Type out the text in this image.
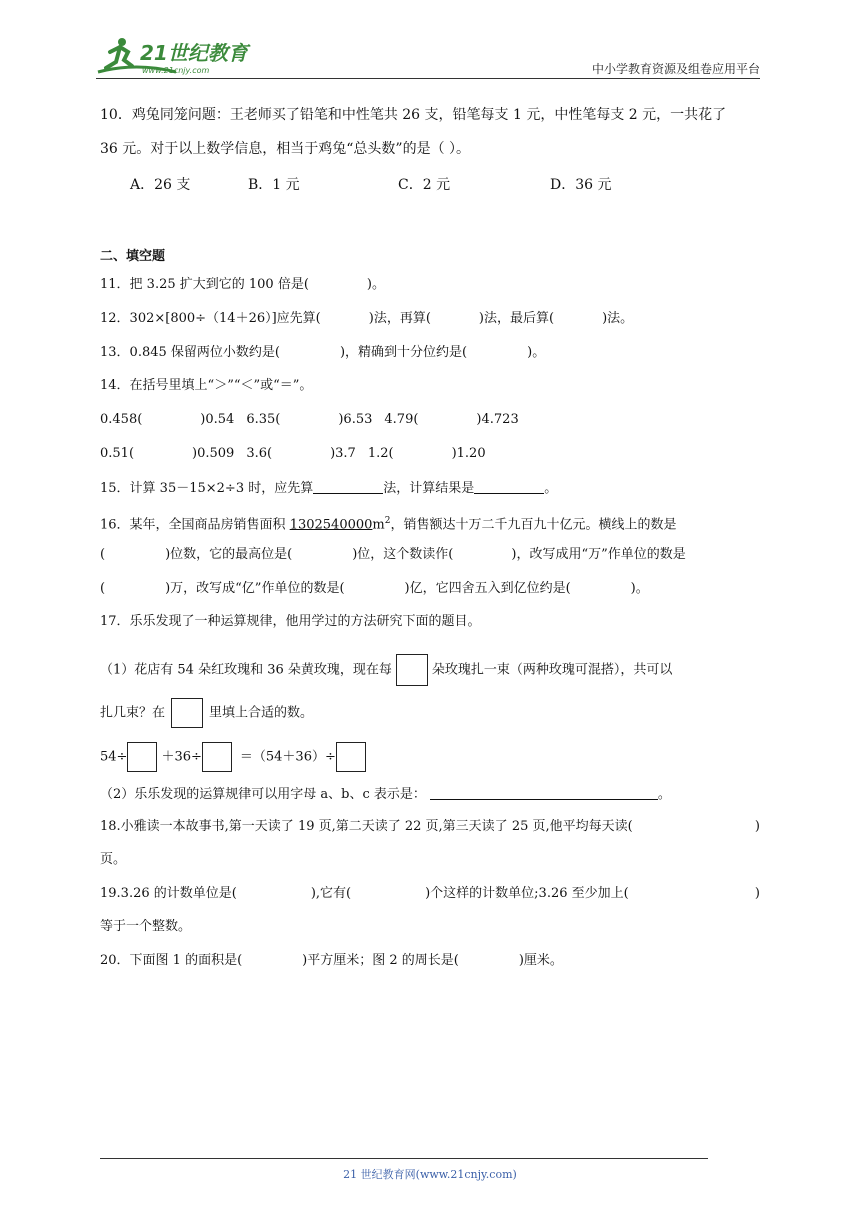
21世纪教育
www.21cnjy.com	中小学教育资源及组卷应用平台
10．鸡兔同笼问题：王老师买了铅笔和中性笔共 26 支，铅笔每支 1 元，中性笔每支 2 元，一共花了
36 元。对于以上数学信息，相当于鸡兔“总头数”的是（ ）。
A．26 支	B．1 元	C．2 元	D．36 元
二、填空题
11．把 3.25 扩大到它的 100 倍是(	)。
12．302×[800÷（14＋26）]应先算(	)法，再算(	)法，最后算(	)法。
13．0.845 保留两位小数约是(	)，精确到十分位约是(	)。
14．在括号里填上“＞”“＜”或“＝”。
0.458(	)0.54 6.35(	)6.53 4.79(	)4.723
0.51(	)0.509 3.6(	)3.7 1.2(	)1.20
15．计算 35－15×2÷3 时，应先算	法，计算结果是	。
16．某年，全国商品房销售面积 $1302540000m^2$，销售额达十万二千九百九十亿元。横线上的数是
(	)位数，它的最高位是(	)位，这个数读作(	)，改写成用“万”作单位的数是
(	)万，改写成“亿”作单位的数是(	)亿，它四舍五入到亿位约是(	)。
17．乐乐发现了一种运算规律，他用学过的方法研究下面的题目。
（1）花店有 54 朵红玫瑰和 36 朵黄玫瑰，现在每	朵玫瑰扎一束（两种玫瑰可混搭），共可以
扎几束？在	里填上合适的数。
54÷	＋36÷	＝（54＋36）÷
（2）乐乐发现的运算规律可以用字母 a、b、c 表示是：	。
18.小雅读一本故事书,第一天读了 19 页,第二天读了 22 页,第三天读了 25 页,他平均每天读(	)
页。
19.3.26 的计数单位是(	),它有(	)个这样的计数单位;3.26 至少加上(	)
等于一个整数。
20．下面图 1 的面积是(	)平方厘米；图 2 的周长是(	)厘米。
21 世纪教育网(www.21cnjy.com)
